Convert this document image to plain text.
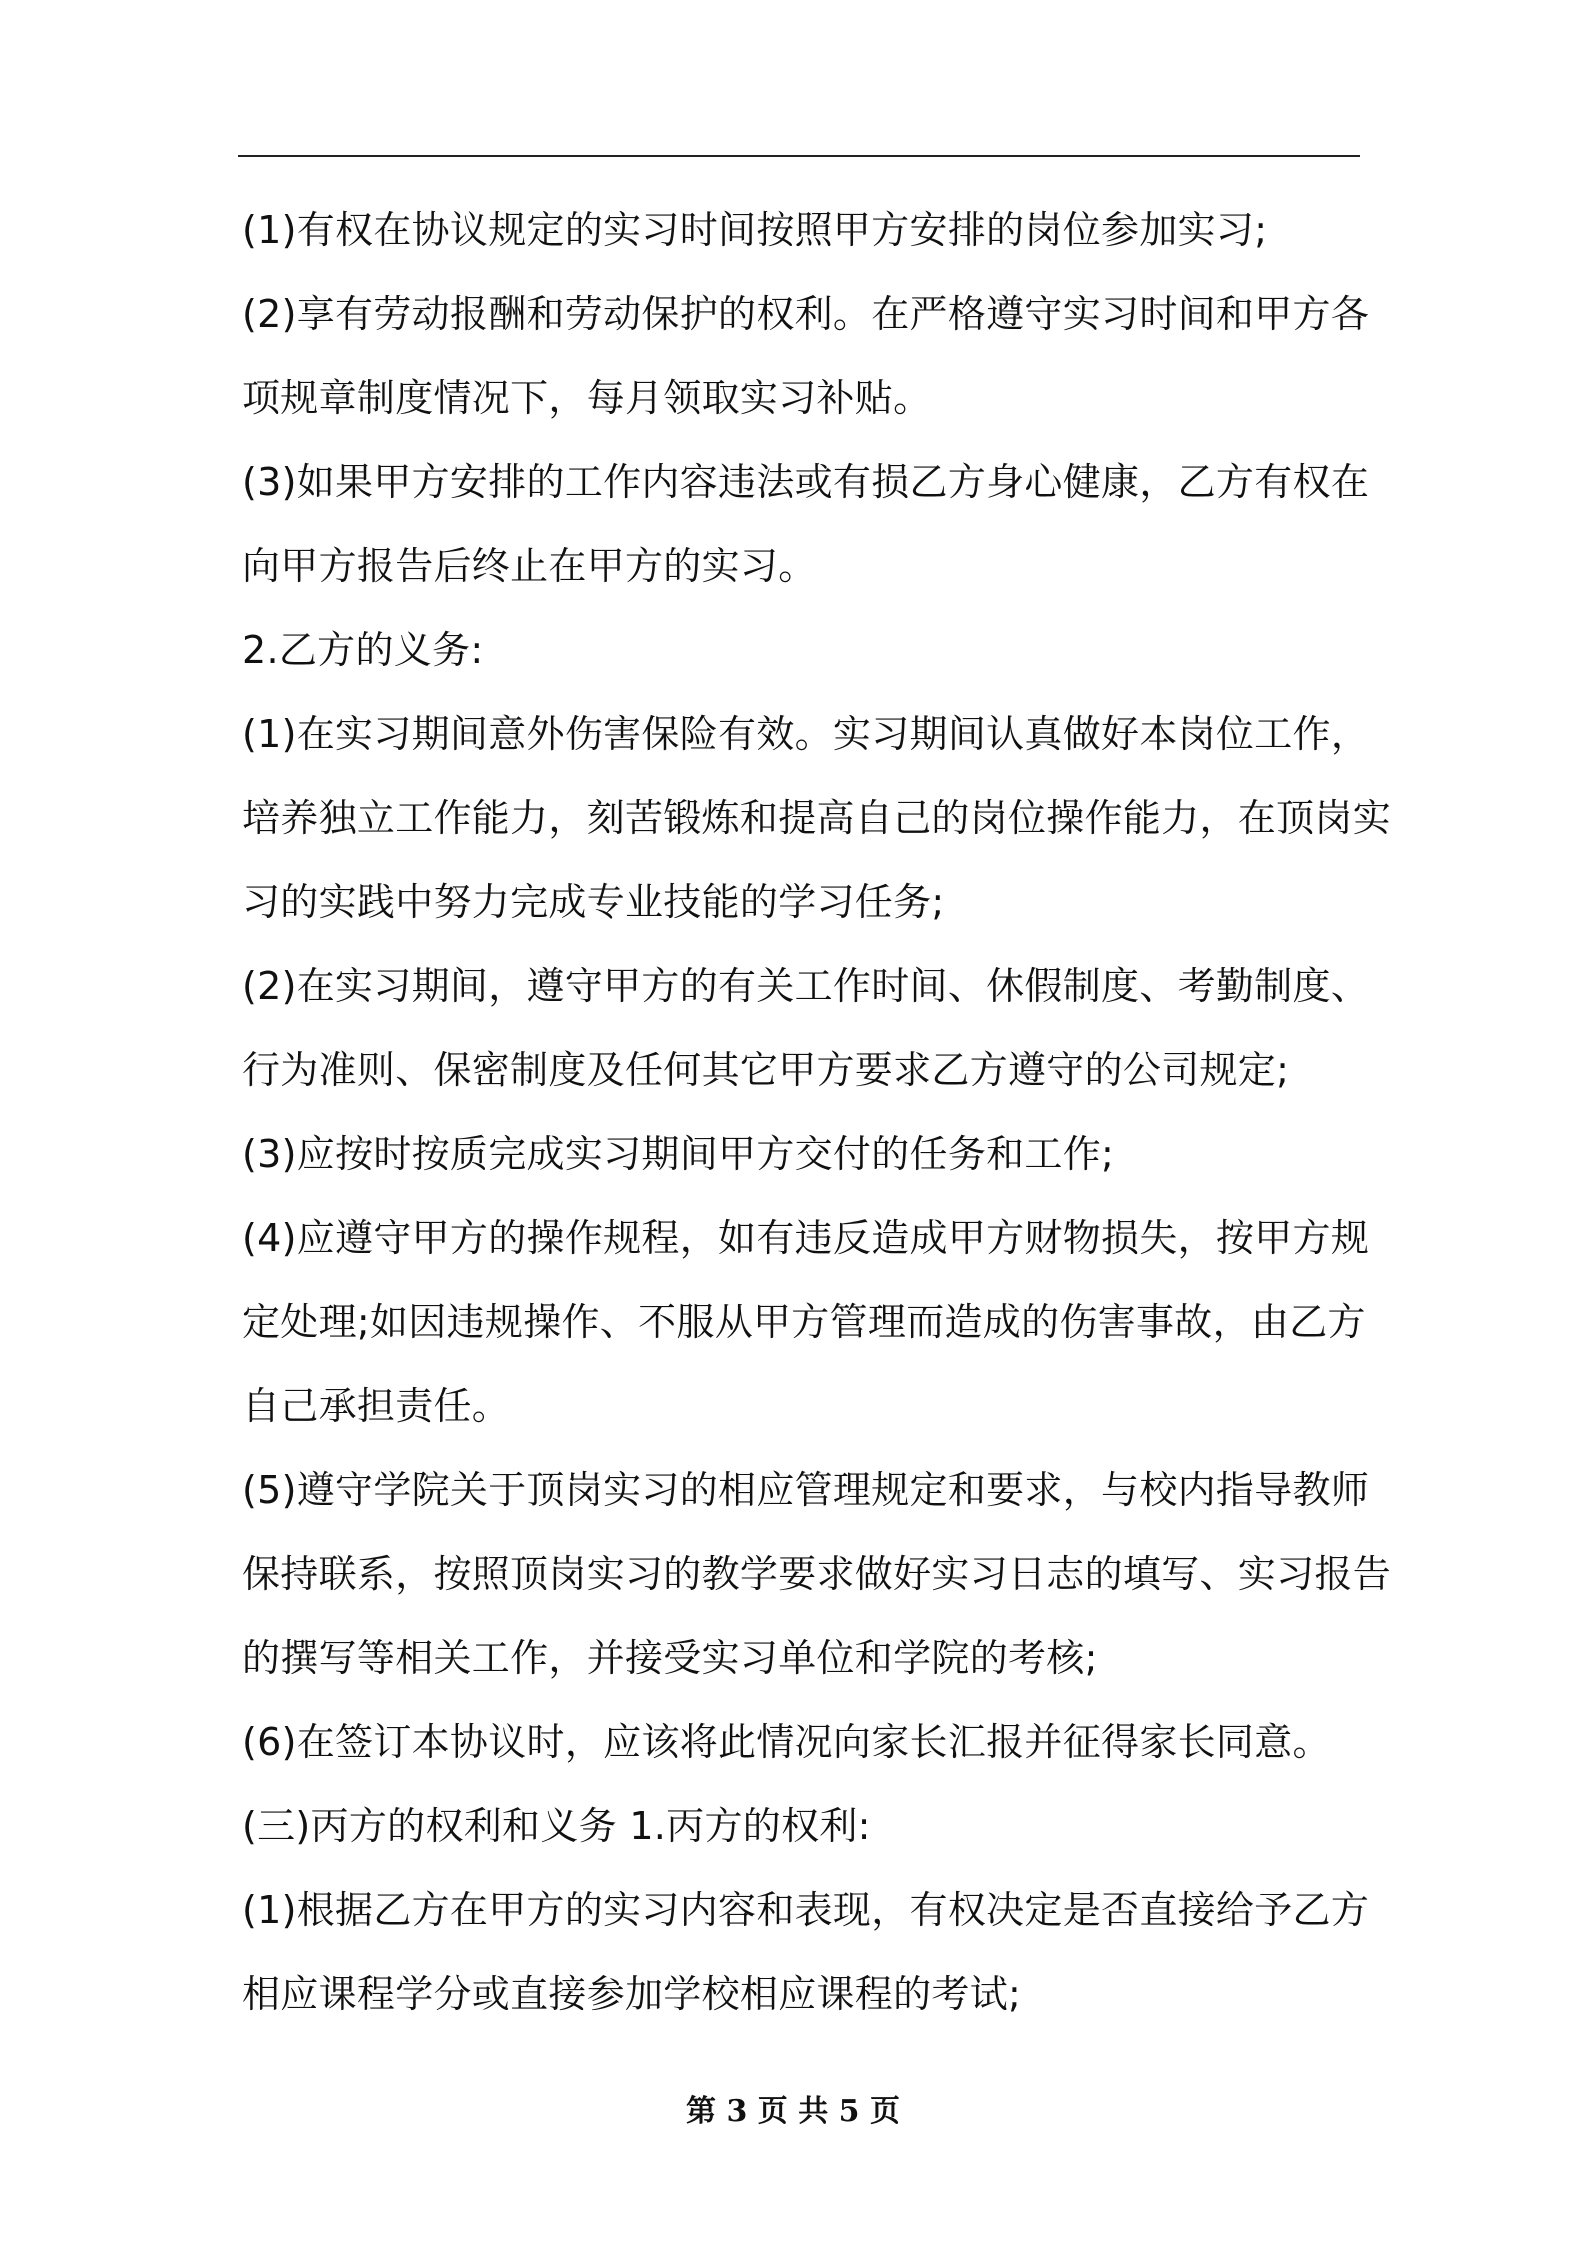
(1)有权在协议规定的实习时间按照甲方安排的岗位参加实习;
(2)享有劳动报酬和劳动保护的权利。在严格遵守实习时间和甲方各
项规章制度情况下，每月领取实习补贴。
(3)如果甲方安排的工作内容违法或有损乙方身心健康，乙方有权在
向甲方报告后终止在甲方的实习。
2.乙方的义务:
(1)在实习期间意外伤害保险有效。实习期间认真做好本岗位工作，
培养独立工作能力，刻苦锻炼和提高自己的岗位操作能力，在顶岗实
习的实践中努力完成专业技能的学习任务;
(2)在实习期间，遵守甲方的有关工作时间、休假制度、考勤制度、
行为准则、保密制度及任何其它甲方要求乙方遵守的公司规定;
(3)应按时按质完成实习期间甲方交付的任务和工作;
(4)应遵守甲方的操作规程，如有违反造成甲方财物损失，按甲方规
定处理;如因违规操作、不服从甲方管理而造成的伤害事故，由乙方
自己承担责任。
(5)遵守学院关于顶岗实习的相应管理规定和要求，与校内指导教师
保持联系，按照顶岗实习的教学要求做好实习日志的填写、实习报告
的撰写等相关工作，并接受实习单位和学院的考核;
(6)在签订本协议时，应该将此情况向家长汇报并征得家长同意。
(三)丙方的权利和义务 1.丙方的权利:
(1)根据乙方在甲方的实习内容和表现，有权决定是否直接给予乙方
相应课程学分或直接参加学校相应课程的考试;
第 3 页 共 5 页
